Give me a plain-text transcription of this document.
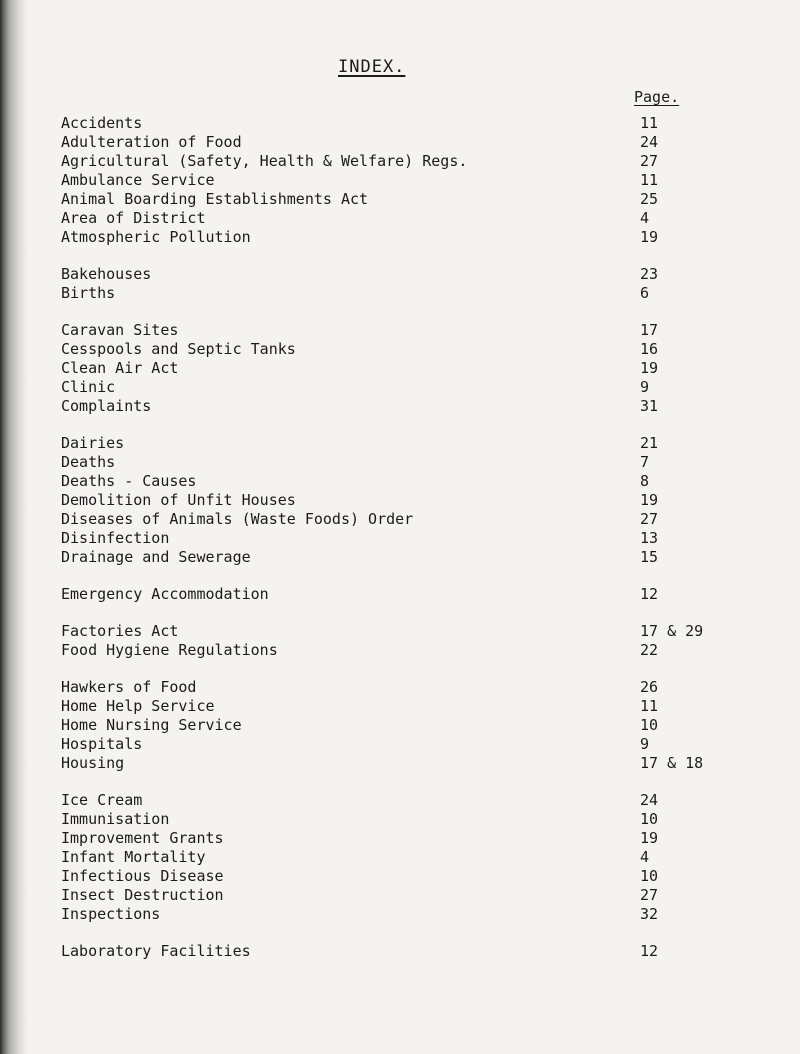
INDEX.
Page.
Accidents	11
Adulteration of Food	24
Agricultural (Safety, Health & Welfare) Regs.	27
Ambulance Service	11
Animal Boarding Establishments Act	25
Area of District	4
Atmospheric Pollution	19
Bakehouses	23
Births	6
Caravan Sites	17
Cesspools and Septic Tanks	16
Clean Air Act	19
Clinic	9
Complaints	31
Dairies	21
Deaths	7
Deaths - Causes	8
Demolition of Unfit Houses	19
Diseases of Animals (Waste Foods) Order	27
Disinfection	13
Drainage and Sewerage	15
Emergency Accommodation	12
Factories Act	17 & 29
Food Hygiene Regulations	22
Hawkers of Food	26
Home Help Service	11
Home Nursing Service	10
Hospitals	9
Housing	17 & 18
Ice Cream	24
Immunisation	10
Improvement Grants	19
Infant Mortality	4
Infectious Disease	10
Insect Destruction	27
Inspections	32
Laboratory Facilities	12
